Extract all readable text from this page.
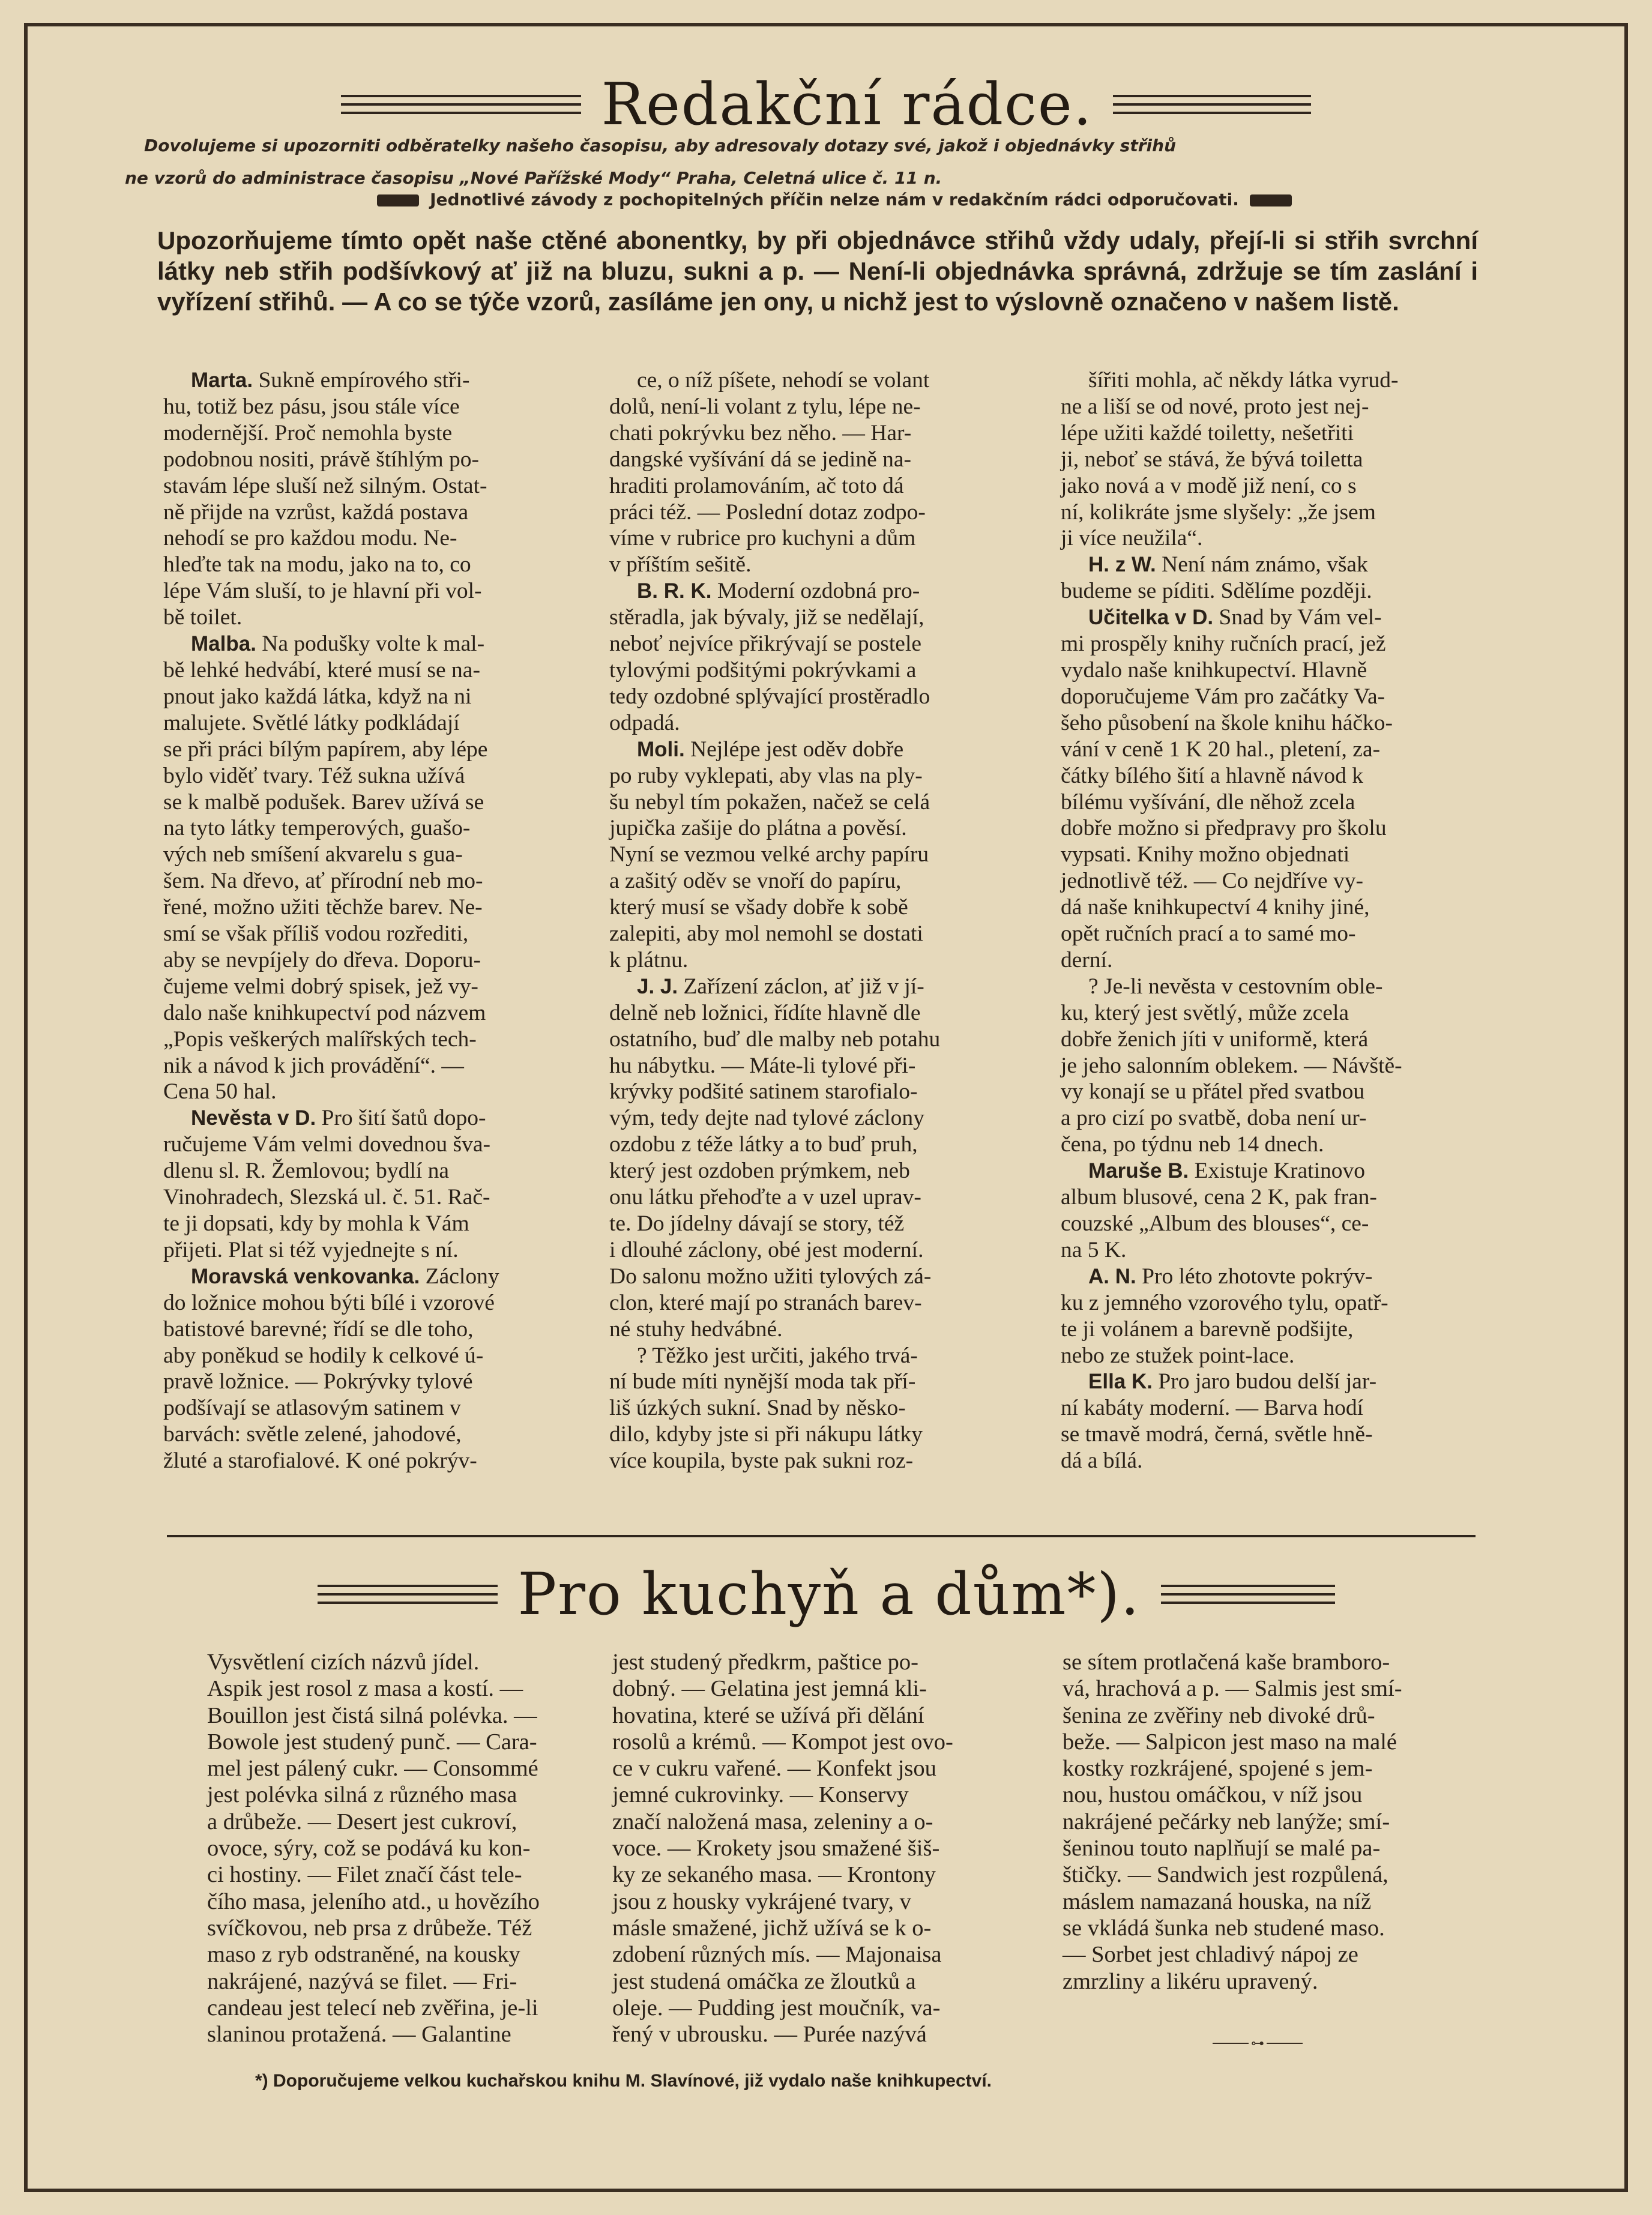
Redakční rádce.
Dovolujeme si upozorniti odběratelky našeho časopisu, aby adresovaly dotazy své, jakož i objednávky střihů
ne vzorů do administrace časopisu „Nové Pařížské Mody“ Praha, Celetná ulice č. 11 n.
Jednotlivé závody z pochopitelných příčin nelze nám v redakčním rádci odporučovati.
Upozorňujeme tímto opět naše ctěné abonentky, by při objednávce střihů vždy udaly, přejí-li si střih svrchní látky neb střih podšívkový ať již na bluzu, sukni a p. — Není-li objednávka správná, zdržuje se tím zaslání i vyřízení střihů. — A co se týče vzorů, zasíláme jen ony, u nichž jest to výslovně označeno v našem listě.
Marta. Sukně empírového stři-
hu, totiž bez pásu, jsou stále více
modernější. Proč nemohla byste
podobnou nositi, právě štíhlým po-
stavám lépe sluší než silným. Ostat-
ně přijde na vzrůst, každá postava
nehodí se pro každou modu. Ne-
hleďte tak na modu, jako na to, co
lépe Vám sluší, to je hlavní při vol-
bě toilet.
Malba. Na podušky volte k mal-
bě lehké hedvábí, které musí se na-
pnout jako každá látka, když na ni
malujete. Světlé látky podkládají
se při práci bílým papírem, aby lépe
bylo viděť tvary. Též sukna užívá
se k malbě podušek. Barev užívá se
na tyto látky temperových, guašo-
vých neb smíšení akvarelu s gua-
šem. Na dřevo, ať přírodní neb mo-
řené, možno užiti těchže barev. Ne-
smí se však příliš vodou rozřediti,
aby se nevpíjely do dřeva. Doporu-
čujeme velmi dobrý spisek, jež vy-
dalo naše knihkupectví pod názvem
„Popis veškerých malířských tech-
nik a návod k jich provádění“. —
Cena 50 hal.
Nevěsta v D. Pro šití šatů dopo-
ručujeme Vám velmi dovednou šva-
dlenu sl. R. Žemlovou; bydlí na
Vinohradech, Slezská ul. č. 51. Rač-
te ji dopsati, kdy by mohla k Vám
přijeti. Plat si též vyjednejte s ní.
Moravská venkovanka. Záclony
do ložnice mohou býti bílé i vzorové
batistové barevné; řídí se dle toho,
aby poněkud se hodily k celkové ú-
pravě ložnice. — Pokrývky tylové
podšívají se atlasovým satinem v
barvách: světle zelené, jahodové,
žluté a starofialové. K oné pokrýv-
ce, o níž píšete, nehodí se volant
dolů, není-li volant z tylu, lépe ne-
chati pokrývku bez něho. — Har-
dangské vyšívání dá se jedině na-
hraditi prolamováním, ač toto dá
práci též. — Poslední dotaz zodpo-
víme v rubrice pro kuchyni a dům
v příštím sešitě.
B. R. K. Moderní ozdobná pro-
stěradla, jak bývaly, již se nedělají,
neboť nejvíce přikrývají se postele
tylovými podšitými pokrývkami a
tedy ozdobné splývající prostěradlo
odpadá.
Moli. Nejlépe jest oděv dobře
po ruby vyklepati, aby vlas na ply-
šu nebyl tím pokažen, načež se celá
jupička zašije do plátna a pověsí.
Nyní se vezmou velké archy papíru
a zašitý oděv se vnoří do papíru,
který musí se všady dobře k sobě
zalepiti, aby mol nemohl se dostati
k plátnu.
J. J. Zařízení záclon, ať již v jí-
delně neb ložnici, řídíte hlavně dle
ostatního, buď dle malby neb potahu
hu nábytku. — Máte-li tylové při-
krývky podšité satinem starofialo-
vým, tedy dejte nad tylové záclony
ozdobu z téže látky a to buď pruh,
který jest ozdoben prýmkem, neb
onu látku přehoďte a v uzel uprav-
te. Do jídelny dávají se story, též
i dlouhé záclony, obé jest moderní.
Do salonu možno užiti tylových zá-
clon, které mají po stranách barev-
né stuhy hedvábné.
? Těžko jest určiti, jakého trvá-
ní bude míti nynější moda tak pří-
liš úzkých sukní. Snad by něsko-
dilo, kdyby jste si při nákupu látky
více koupila, byste pak sukni roz-
šířiti mohla, ač někdy látka vyrud-
ne a liší se od nové, proto jest nej-
lépe užiti každé toiletty, nešetřiti
ji, neboť se stává, že bývá toiletta
jako nová a v modě již není, co s
ní, kolikráte jsme slyšely: „že jsem
ji více neužila“.
H. z W. Není nám známo, však
budeme se píditi. Sdělíme později.
Učitelka v D. Snad by Vám vel-
mi prospěly knihy ručních prací, jež
vydalo naše knihkupectví. Hlavně
doporučujeme Vám pro začátky Va-
šeho působení na škole knihu háčko-
vání v ceně 1 K 20 hal., pletení, za-
čátky bílého šití a hlavně návod k
bílému vyšívání, dle něhož zcela
dobře možno si předpravy pro školu
vypsati. Knihy možno objednati
jednotlivě též. — Co nejdříve vy-
dá naše knihkupectví 4 knihy jiné,
opět ručních prací a to samé mo-
derní.
? Je-li nevěsta v cestovním oble-
ku, který jest světlý, může zcela
dobře ženich jíti v uniformě, která
je jeho salonním oblekem. — Návště-
vy konají se u přátel před svatbou
a pro cizí po svatbě, doba není ur-
čena, po týdnu neb 14 dnech.
Maruše B. Existuje Kratinovo
album blusové, cena 2 K, pak fran-
couzské „Album des blouses“, ce-
na 5 K.
A. N. Pro léto zhotovte pokrýv-
ku z jemného vzorového tylu, opatř-
te ji volánem a barevně podšijte,
nebo ze stužek point-lace.
Ella K. Pro jaro budou delší jar-
ní kabáty moderní. — Barva hodí
se tmavě modrá, černá, světle hně-
dá a bílá.
Pro kuchyň a dům*).
Vysvětlení cizích názvů jídel.
Aspik jest rosol z masa a kostí. —
Bouillon jest čistá silná polévka. —
Bowole jest studený punč. — Cara-
mel jest pálený cukr. — Consommé
jest polévka silná z různého masa
a drůbeže. — Desert jest cukroví,
ovoce, sýry, což se podává ku kon-
ci hostiny. — Filet značí část tele-
čího masa, jeleního atd., u hovězího
svíčkovou, neb prsa z drůbeže. Též
maso z ryb odstraněné, na kousky
nakrájené, nazývá se filet. — Fri-
candeau jest telecí neb zvěřina, je-li
slaninou protažená. — Galantine
jest studený předkrm, paštice po-
dobný. — Gelatina jest jemná kli-
hovatina, které se užívá při dělání
rosolů a krémů. — Kompot jest ovo-
ce v cukru vařené. — Konfekt jsou
jemné cukrovinky. — Konservy
značí naložená masa, zeleniny a o-
voce. — Krokety jsou smažené šiš-
ky ze sekaného masa. — Krontony
jsou z housky vykrájené tvary, v
másle smažené, jichž užívá se k o-
zdobení různých mís. — Majonaisa
jest studená omáčka ze žloutků a
oleje. — Pudding jest moučník, va-
řený v ubrousku. — Purée nazývá
se sítem protlačená kaše bramboro-
vá, hrachová a p. — Salmis jest smí-
šenina ze zvěřiny neb divoké drů-
beže. — Salpicon jest maso na malé
kostky rozkrájené, spojené s jem-
nou, hustou omáčkou, v níž jsou
nakrájené pečárky neb lanýže; smí-
šeninou touto naplňují se malé pa-
štičky. — Sandwich jest rozpůlená,
máslem namazaná houska, na níž
se vkládá šunka neb studené maso.
— Sorbet jest chladivý nápoj ze
zmrzliny a likéru upravený.
⊶
*) Doporučujeme velkou kuchařskou knihu M. Slavínové, již vydalo naše knihkupectví.
